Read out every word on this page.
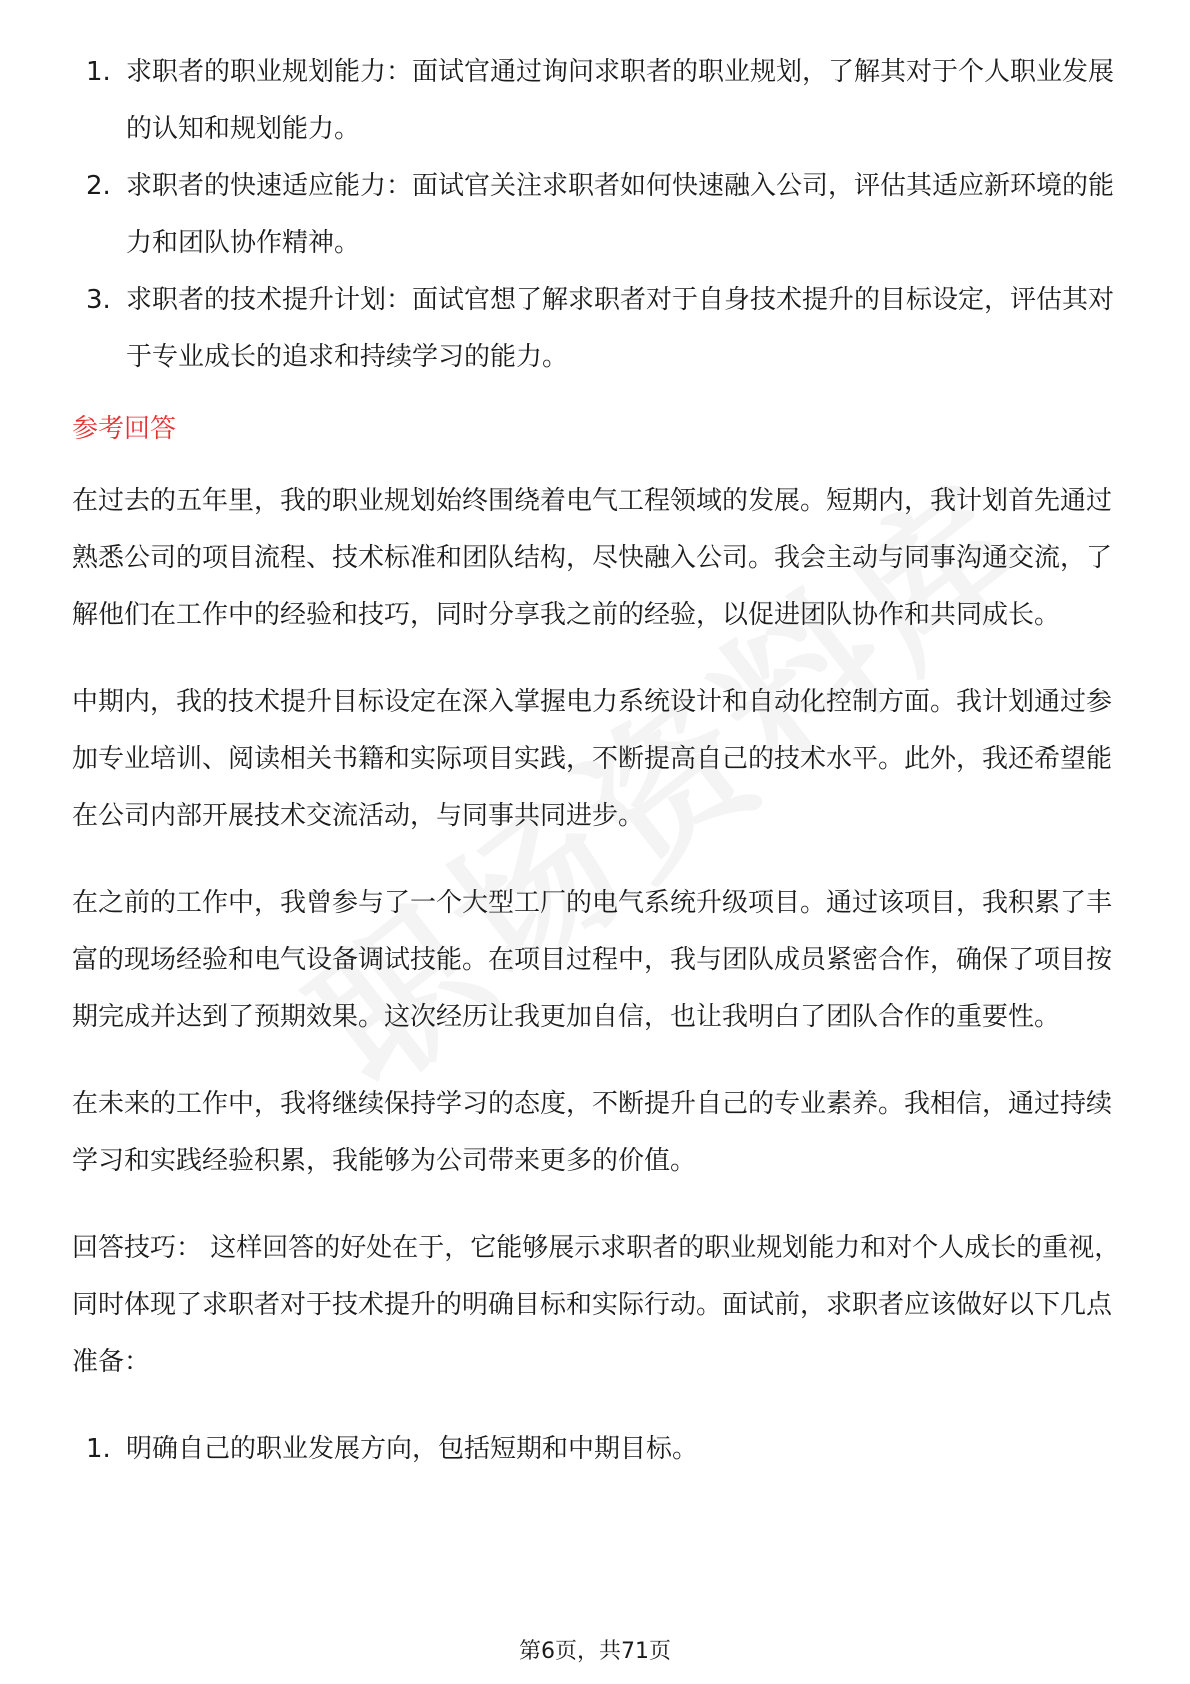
1. 求职者的职业规划能力：面试官通过询问求职者的职业规划，了解其对于个人职业发展的认知和规划能力。
2. 求职者的快速适应能力：面试官关注求职者如何快速融入公司，评估其适应新环境的能力和团队协作精神。
3. 求职者的技术提升计划：面试官想了解求职者对于自身技术提升的目标设定，评估其对于专业成长的追求和持续学习的能力。
参考回答

在过去的五年里，我的职业规划始终围绕着电气工程领域的发展。短期内，我计划首先通过熟悉公司的项目流程、技术标准和团队结构，尽快融入公司。我会主动与同事沟通交流，了解他们在工作中的经验和技巧，同时分享我之前的经验，以促进团队协作和共同成长。

中期内，我的技术提升目标设定在深入掌握电力系统设计和自动化控制方面。我计划通过参加专业培训、阅读相关书籍和实际项目实践，不断提高自己的技术水平。此外，我还希望能在公司内部开展技术交流活动，与同事共同进步。

在之前的工作中，我曾参与了一个大型工厂的电气系统升级项目。通过该项目，我积累了丰富的现场经验和电气设备调试技能。在项目过程中，我与团队成员紧密合作，确保了项目按期完成并达到了预期效果。这次经历让我更加自信，也让我明白了团队合作的重要性。

在未来的工作中，我将继续保持学习的态度，不断提升自己的专业素养。我相信，通过持续学习和实践经验积累，我能够为公司带来更多的价值。

回答技巧： 这样回答的好处在于，它能够展示求职者的职业规划能力和对个人成长的重视，同时体现了求职者对于技术提升的明确目标和实际行动。面试前，求职者应该做好以下几点准备：

1. 明确自己的职业发展方向，包括短期和中期目标。
第6页，共71页
